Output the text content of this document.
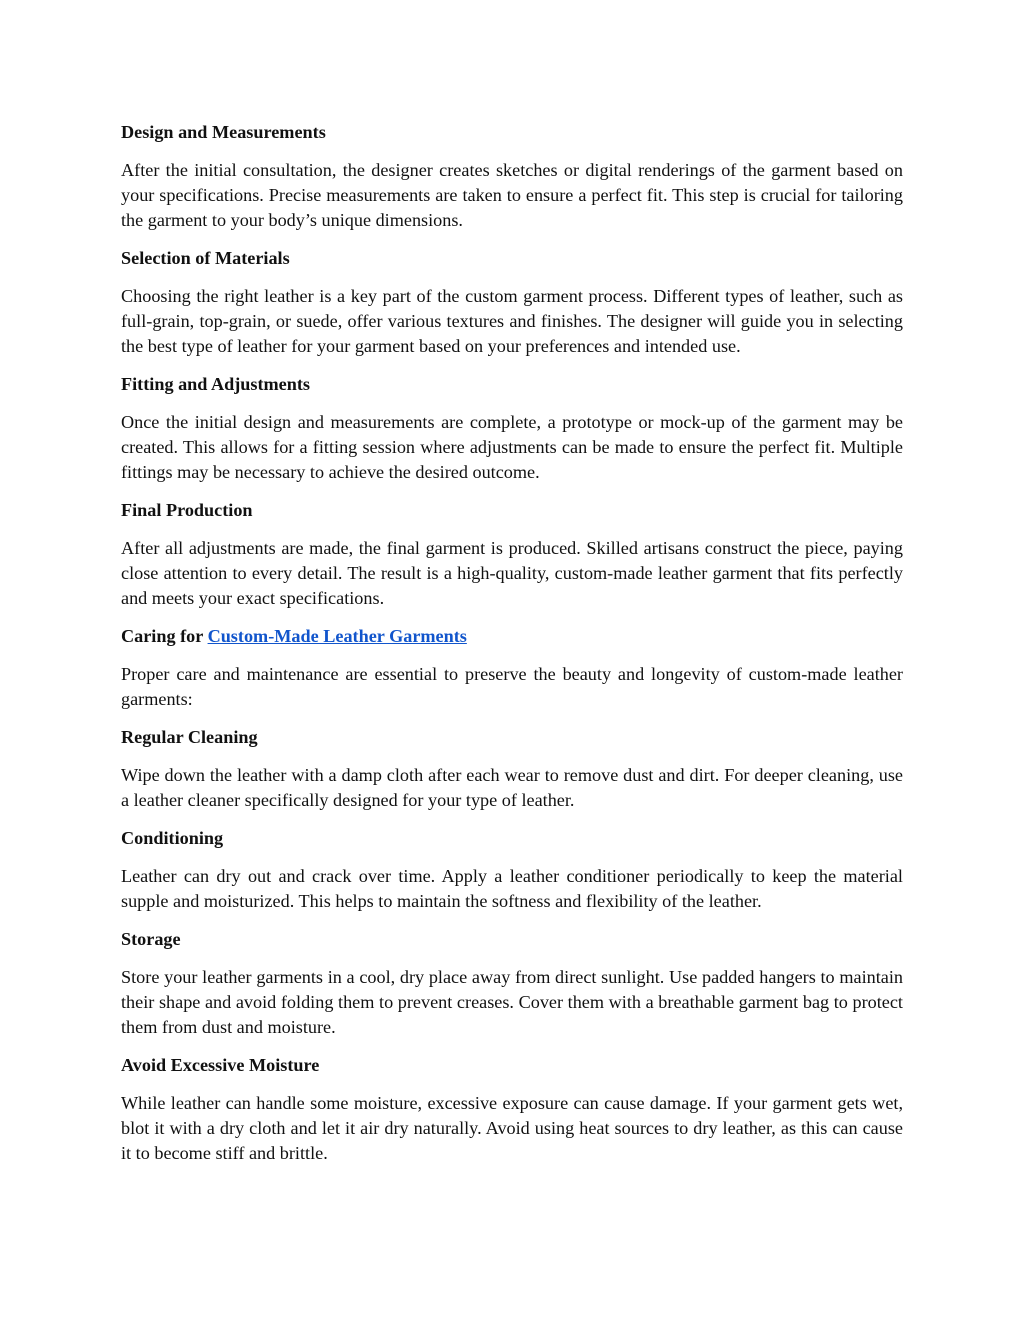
Design and Measurements
After the initial consultation, the designer creates sketches or digital renderings of the garment based on your specifications. Precise measurements are taken to ensure a perfect fit. This step is crucial for tailoring the garment to your body’s unique dimensions.
Selection of Materials
Choosing the right leather is a key part of the custom garment process. Different types of leather, such as full-grain, top-grain, or suede, offer various textures and finishes. The designer will guide you in selecting the best type of leather for your garment based on your preferences and intended use.
Fitting and Adjustments
Once the initial design and measurements are complete, a prototype or mock-up of the garment may be created. This allows for a fitting session where adjustments can be made to ensure the perfect fit. Multiple fittings may be necessary to achieve the desired outcome.
Final Production
After all adjustments are made, the final garment is produced. Skilled artisans construct the piece, paying close attention to every detail. The result is a high-quality, custom-made leather garment that fits perfectly and meets your exact specifications.
Caring for Custom-Made Leather Garments
Proper care and maintenance are essential to preserve the beauty and longevity of custom-made leather garments:
Regular Cleaning
Wipe down the leather with a damp cloth after each wear to remove dust and dirt. For deeper cleaning, use a leather cleaner specifically designed for your type of leather.
Conditioning
Leather can dry out and crack over time. Apply a leather conditioner periodically to keep the material supple and moisturized. This helps to maintain the softness and flexibility of the leather.
Storage
Store your leather garments in a cool, dry place away from direct sunlight. Use padded hangers to maintain their shape and avoid folding them to prevent creases. Cover them with a breathable garment bag to protect them from dust and moisture.
Avoid Excessive Moisture
While leather can handle some moisture, excessive exposure can cause damage. If your garment gets wet, blot it with a dry cloth and let it air dry naturally. Avoid using heat sources to dry leather, as this can cause it to become stiff and brittle.
